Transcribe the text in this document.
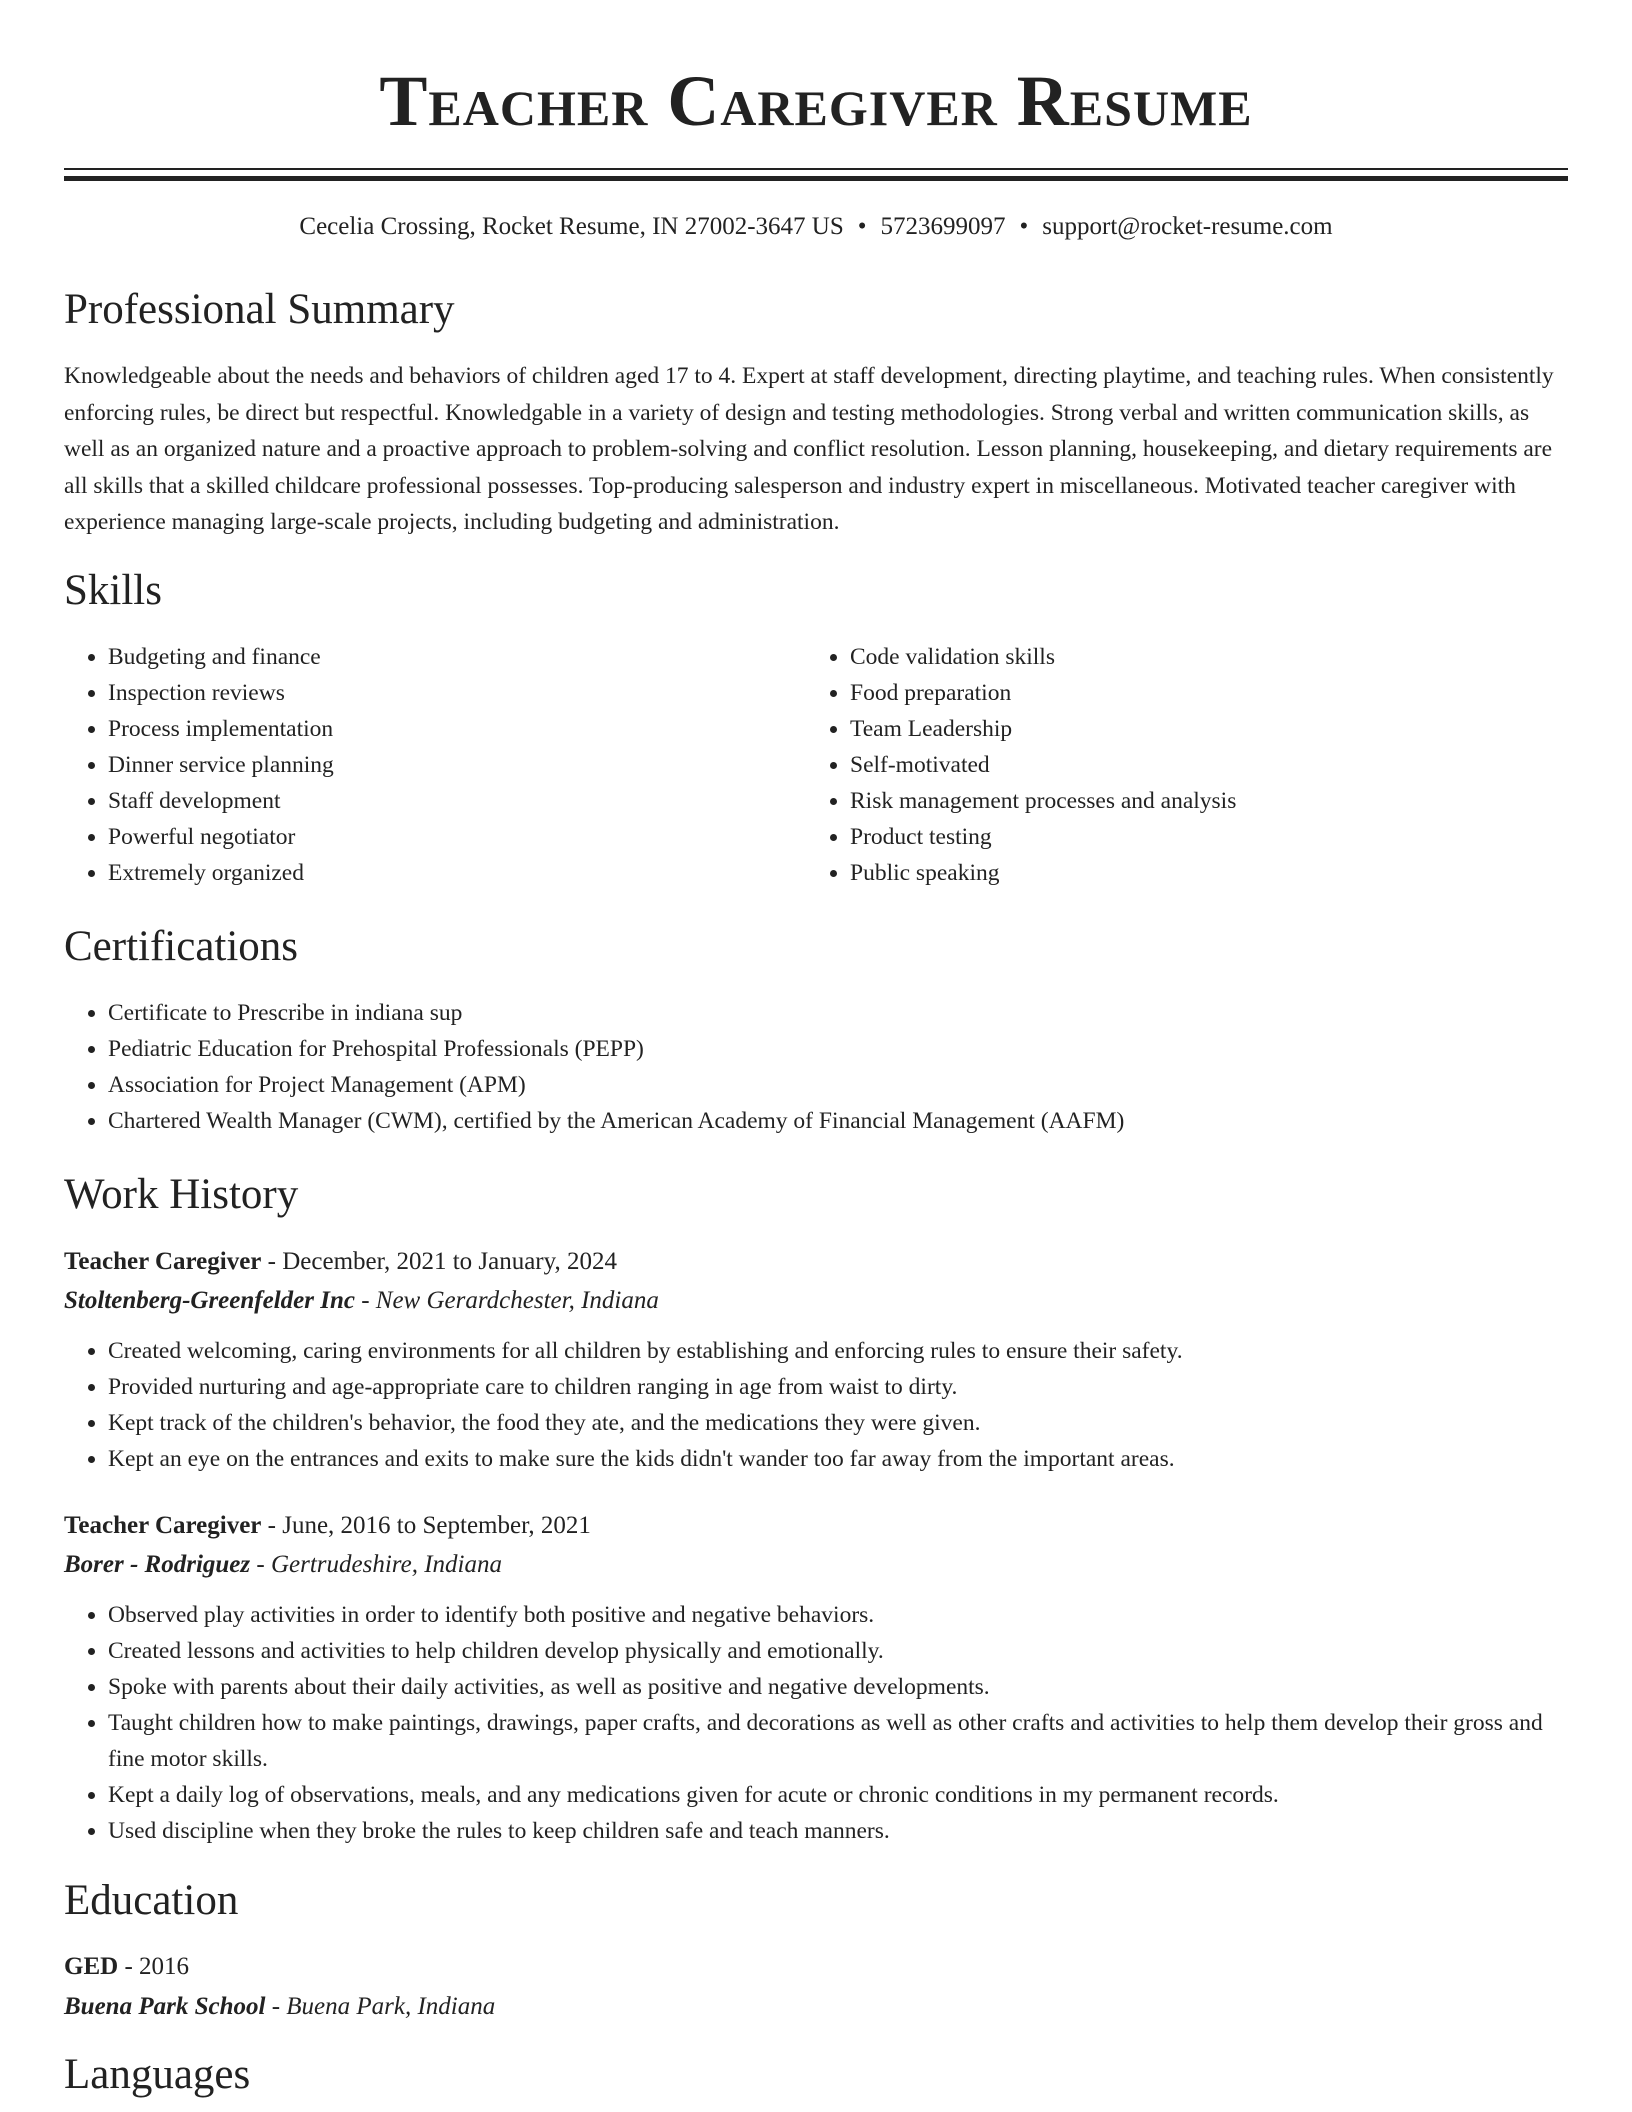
Teacher Caregiver Resume
Cecelia Crossing, Rocket Resume, IN 27002-3647 US • 5723699097 • support@rocket-resume.com
Professional Summary

Knowledgeable about the needs and behaviors of children aged 17 to 4. Expert at staff development, directing playtime, and teaching rules. When consistently enforcing rules, be direct but respectful. Knowledgable in a variety of design and testing methodologies. Strong verbal and written communication skills, as well as an organized nature and a proactive approach to problem-solving and conflict resolution. Lesson planning, housekeeping, and dietary requirements are all skills that a skilled childcare professional possesses. Top-producing salesperson and industry expert in miscellaneous. Motivated teacher caregiver with experience managing large-scale projects, including budgeting and administration.

Skills
• Budgeting and finance
• Inspection reviews
• Process implementation
• Dinner service planning
• Staff development
• Powerful negotiator
• Extremely organized
• Code validation skills
• Food preparation
• Team Leadership
• Self-motivated
• Risk management processes and analysis
• Product testing
• Public speaking
Certifications
• Certificate to Prescribe in indiana sup
• Pediatric Education for Prehospital Professionals (PEPP)
• Association for Project Management (APM)
• Chartered Wealth Manager (CWM), certified by the American Academy of Financial Management (AAFM)
Work History
Teacher Caregiver - December, 2021 to January, 2024
Stoltenberg-Greenfelder Inc - New Gerardchester, Indiana
• Created welcoming, caring environments for all children by establishing and enforcing rules to ensure their safety.
• Provided nurturing and age-appropriate care to children ranging in age from waist to dirty.
• Kept track of the children's behavior, the food they ate, and the medications they were given.
• Kept an eye on the entrances and exits to make sure the kids didn't wander too far away from the important areas.
Teacher Caregiver - June, 2016 to September, 2021
Borer - Rodriguez - Gertrudeshire, Indiana
• Observed play activities in order to identify both positive and negative behaviors.
• Created lessons and activities to help children develop physically and emotionally.
• Spoke with parents about their daily activities, as well as positive and negative developments.
• Taught children how to make paintings, drawings, paper crafts, and decorations as well as other crafts and activities to help them develop their gross and fine motor skills.
• Kept a daily log of observations, meals, and any medications given for acute or chronic conditions in my permanent records.
• Used discipline when they broke the rules to keep children safe and teach manners.
Education
GED - 2016
Buena Park School - Buena Park, Indiana
Languages
